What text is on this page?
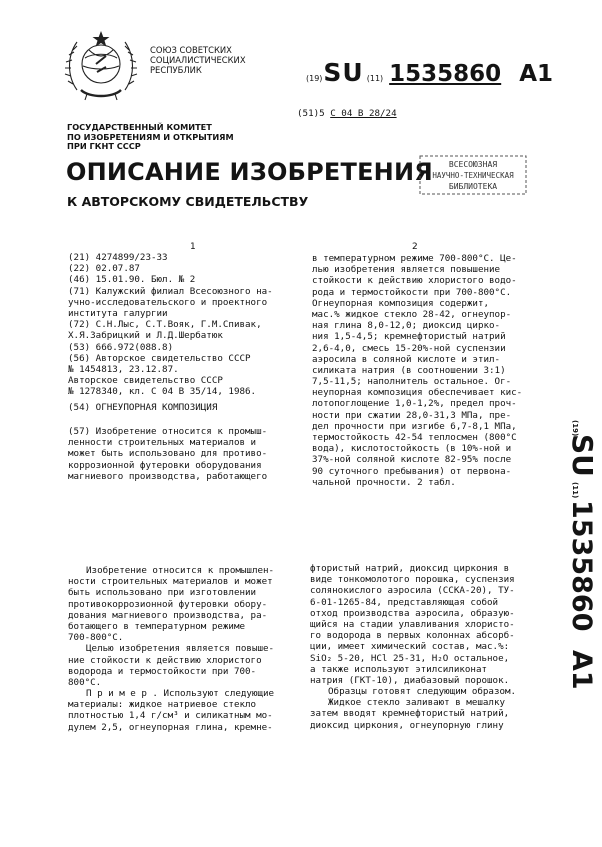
СОЮЗ СОВЕТСКИХ
СОЦИАЛИСТИЧЕСКИХ
РЕСПУБЛИК
(19)SU (11) 1535860 A1
(51)5 С 04 В 28/24
ГОСУДАРСТВЕННЫЙ КОМИТЕТ
ПО ИЗОБРЕТЕНИЯМ И ОТКРЫТИЯМ
ПРИ ГКНТ СССР
ОПИСАНИЕ ИЗОБРЕТЕНИЯ
К АВТОРСКОМУ СВИДЕТЕЛЬСТВУ
ВСЕСОЮЗНАЯ
НАУЧНО-ТЕХНИЧЕСКАЯ
БИБЛИОТЕКА
1	2
(21) 4274899/23-33
(22) 02.07.87
(46) 15.01.90. Бюл. № 2
(71) Калужский филиал Всесоюзного на-
учно-исследовательского и проектного
института галургии
(72) С.Н.Лыс, С.Т.Вояк, Г.М.Спивак,
Х.Я.Забрицкий и Л.Д.Шербатюк
(53) 666.972(088.8)
(56) Авторское свидетельство СССР
№ 1454813, 23.12.87.
Авторское свидетельство СССР
№ 1278340, кл. С 04 В 35/14, 1986.
(54) ОГНЕУПОРНАЯ КОМПОЗИЦИЯ
(57) Изобретение относится к промыш-
ленности строительных материалов и
может быть использовано для противо-
коррозионной футеровки оборудования
магниевого производства, работающего
в температурном режиме 700-800°С. Це-
лью изобретения является повышение
стойкости к действию хлористого водо-
рода и термостойкости при 700-800°С.
Огнеупорная композиция содержит,
мас.% жидкое стекло 28-42, огнеупор-
ная глина 8,0-12,0; диоксид цирко-
ния 1,5-4,5; кремнефтористый натрий
2,6-4,0, смесь 15-20%-ной суспензии
аэросила в соляной кислоте и этил-
силиката натрия (в соотношении 3:1)
7,5-11,5; наполнитель остальное. Ог-
неупорная композиция обеспечивает кис-
лотопоглощение 1,0-1,2%, предел проч-
ности при сжатии 28,0-31,3 МПа, пре-
дел прочности при изгибе 6,7-8,1 МПа,
термостойкость 42-54 теплосмен (800°С
вода), кислотостойкость (в 10%-ной и
37%-ной соляной кислоте 82-95% после
90 суточного пребывания) от первона-
чальной прочности. 2 табл.
Изобретение относится к промышлен-
ности строительных материалов и может
быть использовано при изготовлении
противокоррозионной футеровки обору-
дования магниевого производства, ра-
ботающего в температурном режиме
700-800°С.
Целью изобретения является повыше-
ние стойкости к действию хлористого
водорода и термостойкости при 700-
800°С.
П р и м е р . Используют следующие
материалы: жидкое натриевое стекло
плотностью 1,4 г/см³ и силикатным мо-
дулем 2,5, огнеупорная глина, кремне-
фтористый натрий, диоксид циркония в
виде тонкомолотого порошка, суспензия
солянокислого аэросила (ССКА-20), ТУ-
6-01-1265-84, представляющая собой
отход производства аэросила, образую-
щийся на стадии улавливания хлористо-
го водорода в первых колоннах абсорб-
ции, имеет химический состав, мас.%:
SiO₂ 5-20, HCl 25-31, H₂O остальное,
а также используют этилсиликонат
натрия (ГКТ-10), диабазовый порошок.
Образцы готовят следующим образом.
Жидкое стекло заливают в мешалку
затем вводят кремнефтористый натрий,
диоксид циркония, огнеупорную глину
(19)
SU
(11)
1535860
A1
